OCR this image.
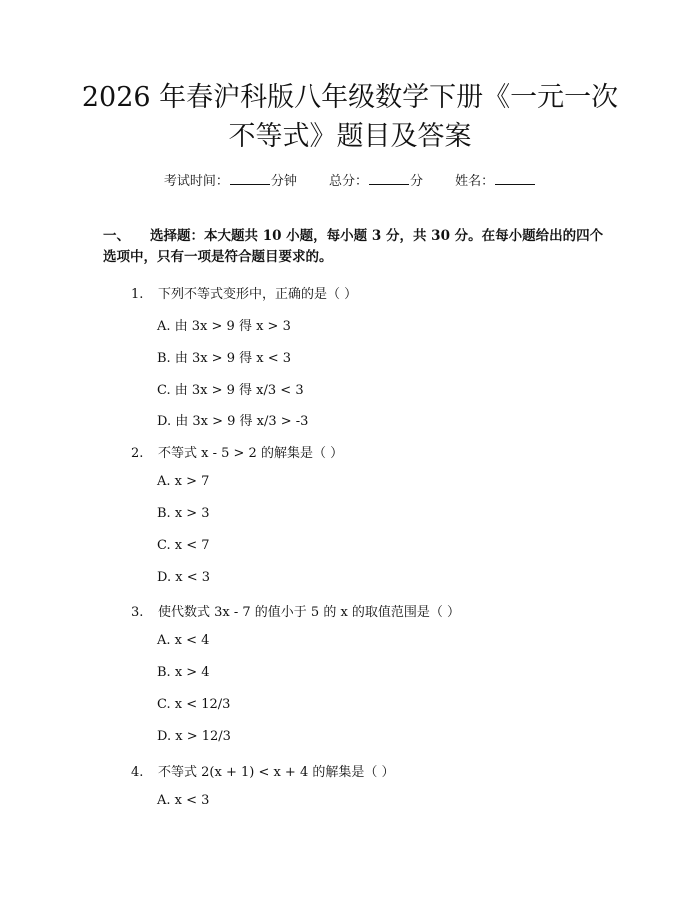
2026 年春沪科版八年级数学下册《一元一次
不等式》题目及答案
考试时间：	分钟 总分：	分 姓名：
一、 选择题：本大题共 10 小题，每小题 3 分，共 30 分。在每小题给出的四个选项中，只有一项是符合题目要求的。
1. 下列不等式变形中，正确的是（ ）
A. 由 3x > 9 得 x > 3
B. 由 3x > 9 得 x < 3
C. 由 3x > 9 得 x/3 < 3
D. 由 3x > 9 得 x/3 > -3
2. 不等式 x - 5 > 2 的解集是（ ）
A. x > 7
B. x > 3
C. x < 7
D. x < 3
3. 使代数式 3x - 7 的值小于 5 的 x 的取值范围是（ ）
A. x < 4
B. x > 4
C. x < 12/3
D. x > 12/3
4. 不等式 2(x + 1) < x + 4 的解集是（ ）
A. x < 3
